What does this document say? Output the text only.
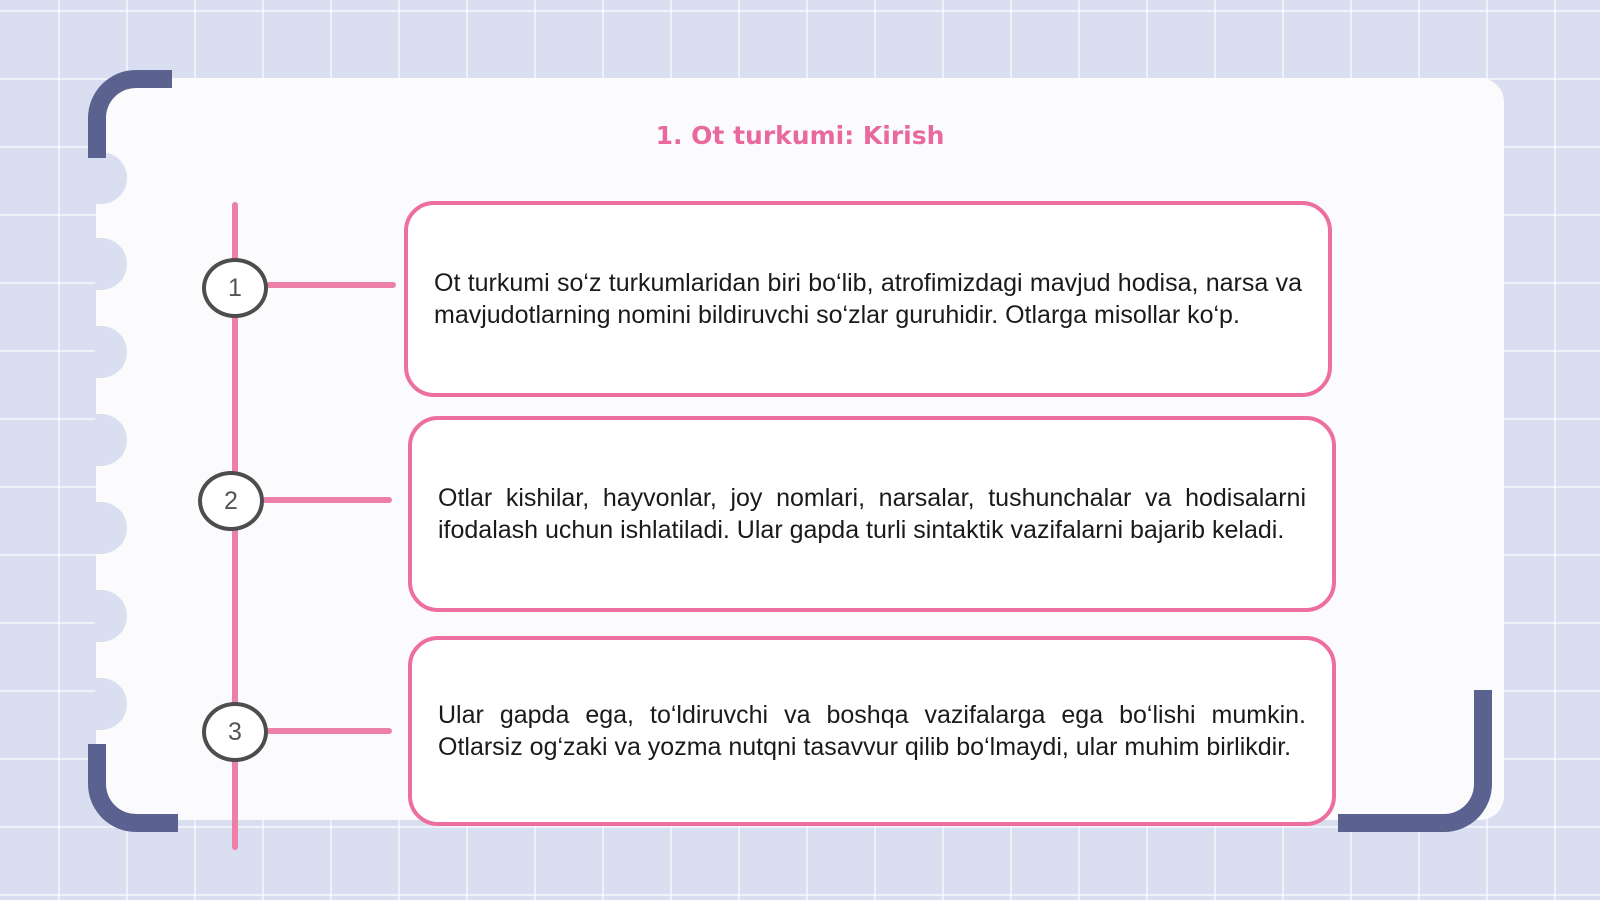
1. Ot turkumi: Kirish
1
2
3

Ot turkumi so‘z turkumlaridan biri bo‘lib, atrofimizdagi mavjud hodisa, narsa va mavjudotlarning nomini bildiruvchi so‘zlar guruhidir. Otlarga misollar ko‘p.

Otlar kishilar, hayvonlar, joy nomlari, narsalar, tushunchalar va hodisalarni ifodalash uchun ishlatiladi. Ular gapda turli sintaktik vazifalarni bajarib keladi.

Ular gapda ega, to‘ldiruvchi va boshqa vazifalarga ega bo‘lishi mumkin. Otlarsiz og‘zaki va yozma nutqni tasavvur qilib bo‘lmaydi, ular muhim birlikdir.
